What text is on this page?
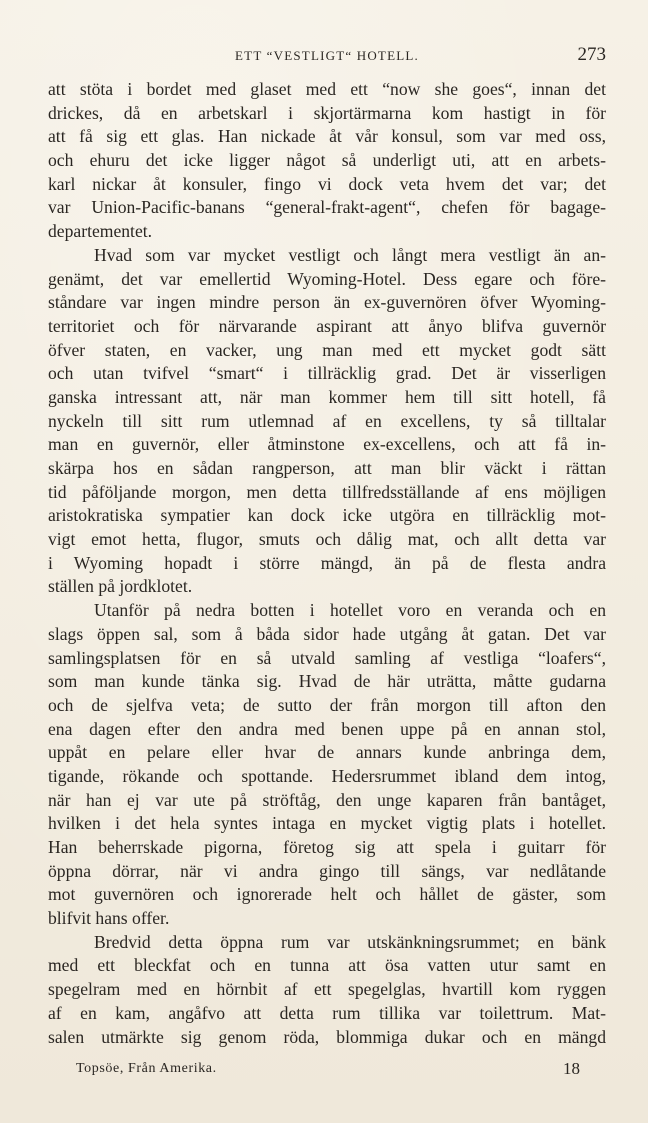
ETT “VESTLIGT“ HOTELL.	273
att stöta i bordet med glaset med ett “now she goes“, innan det
drickes, då en arbetskarl i skjortärmarna kom hastigt in för
att få sig ett glas. Han nickade åt vår konsul, som var med oss,
och ehuru det icke ligger något så underligt uti, att en arbets-
karl nickar åt konsuler, fingo vi dock veta hvem det var; det
var Union-Pacific-banans “general-frakt-agent“, chefen för bagage-
departementet.
Hvad som var mycket vestligt och långt mera vestligt än an-
genämt, det var emellertid Wyoming-Hotel. Dess egare och före-
ståndare var ingen mindre person än ex-guvernören öfver Wyoming-
territoriet och för närvarande aspirant att ånyo blifva guvernör
öfver staten, en vacker, ung man med ett mycket godt sätt
och utan tvifvel “smart“ i tillräcklig grad. Det är visserligen
ganska intressant att, när man kommer hem till sitt hotell, få
nyckeln till sitt rum utlemnad af en excellens, ty så tilltalar
man en guvernör, eller åtminstone ex-excellens, och att få in-
skärpa hos en sådan rangperson, att man blir väckt i rättan
tid påföljande morgon, men detta tillfredsställande af ens möjligen
aristokratiska sympatier kan dock icke utgöra en tillräcklig mot-
vigt emot hetta, flugor, smuts och dålig mat, och allt detta var
i Wyoming hopadt i större mängd, än på de flesta andra
ställen på jordklotet.
Utanför på nedra botten i hotellet voro en veranda och en
slags öppen sal, som å båda sidor hade utgång åt gatan. Det var
samlingsplatsen för en så utvald samling af vestliga “loafers“,
som man kunde tänka sig. Hvad de här uträtta, måtte gudarna
och de sjelfva veta; de sutto der från morgon till afton den
ena dagen efter den andra med benen uppe på en annan stol,
uppåt en pelare eller hvar de annars kunde anbringa dem,
tigande, rökande och spottande. Hedersrummet ibland dem intog,
när han ej var ute på ströftåg, den unge kaparen från bantåget,
hvilken i det hela syntes intaga en mycket vigtig plats i hotellet.
Han beherrskade pigorna, företog sig att spela i guitarr för
öppna dörrar, när vi andra gingo till sängs, var nedlåtande
mot guvernören och ignorerade helt och hållet de gäster, som
blifvit hans offer.
Bredvid detta öppna rum var utskänkningsrummet; en bänk
med ett bleckfat och en tunna att ösa vatten utur samt en
spegelram med en hörnbit af ett spegelglas, hvartill kom ryggen
af en kam, angåfvo att detta rum tillika var toilettrum. Mat-
salen utmärkte sig genom röda, blommiga dukar och en mängd
Topsöe, Från Amerika.	18
